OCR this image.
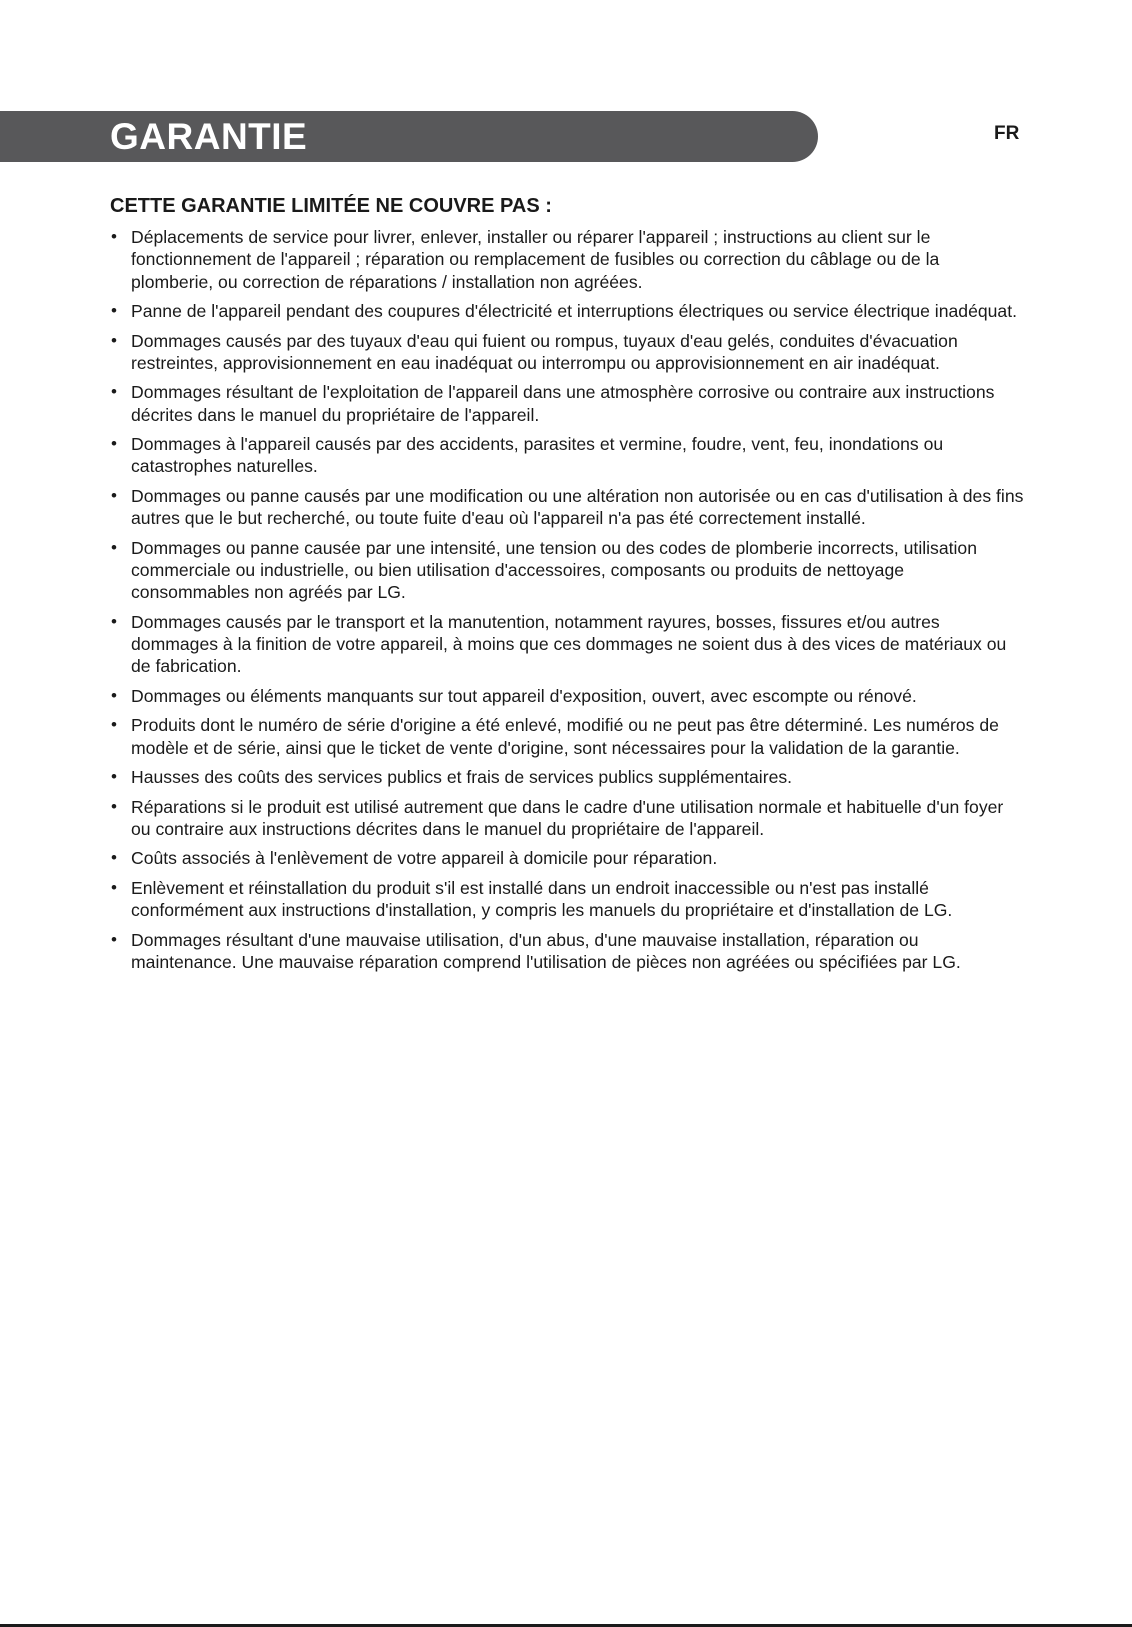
GARANTIE	FR
CETTE GARANTIE LIMITÉE NE COUVRE PAS :
• Déplacements de service pour livrer, enlever, installer ou réparer l'appareil ; instructions au client sur le fonctionnement de l'appareil ; réparation ou remplacement de fusibles ou correction du câblage ou de la plomberie, ou correction de réparations / installation non agréées.
• Panne de l'appareil pendant des coupures d'électricité et interruptions électriques ou service électrique inadéquat.
• Dommages causés par des tuyaux d'eau qui fuient ou rompus, tuyaux d'eau gelés, conduites d'évacuation restreintes, approvisionnement en eau inadéquat ou interrompu ou approvisionnement en air inadéquat.
• Dommages résultant de l'exploitation de l'appareil dans une atmosphère corrosive ou contraire aux instructions décrites dans le manuel du propriétaire de l'appareil.
• Dommages à l'appareil causés par des accidents, parasites et vermine, foudre, vent, feu, inondations ou catastrophes naturelles.
• Dommages ou panne causés par une modification ou une altération non autorisée ou en cas d'utilisation à des fins autres que le but recherché, ou toute fuite d'eau où l'appareil n'a pas été correctement installé.
• Dommages ou panne causée par une intensité, une tension ou des codes de plomberie incorrects, utilisation commerciale ou industrielle, ou bien utilisation d'accessoires, composants ou produits de nettoyage consommables non agréés par LG.
• Dommages causés par le transport et la manutention, notamment rayures, bosses, fissures et/ou autres dommages à la finition de votre appareil, à moins que ces dommages ne soient dus à des vices de matériaux ou de fabrication.
• Dommages ou éléments manquants sur tout appareil d'exposition, ouvert, avec escompte ou rénové.
• Produits dont le numéro de série d'origine a été enlevé, modifié ou ne peut pas être déterminé. Les numéros de modèle et de série, ainsi que le ticket de vente d'origine, sont nécessaires pour la validation de la garantie.
• Hausses des coûts des services publics et frais de services publics supplémentaires.
• Réparations si le produit est utilisé autrement que dans le cadre d'une utilisation normale et habituelle d'un foyer ou contraire aux instructions décrites dans le manuel du propriétaire de l'appareil.
• Coûts associés à l'enlèvement de votre appareil à domicile pour réparation.
• Enlèvement et réinstallation du produit s'il est installé dans un endroit inaccessible ou n'est pas installé conformément aux instructions d'installation, y compris les manuels du propriétaire et d'installation de LG.
• Dommages résultant d'une mauvaise utilisation, d'un abus, d'une mauvaise installation, réparation ou maintenance. Une mauvaise réparation comprend l'utilisation de pièces non agréées ou spécifiées par LG.
